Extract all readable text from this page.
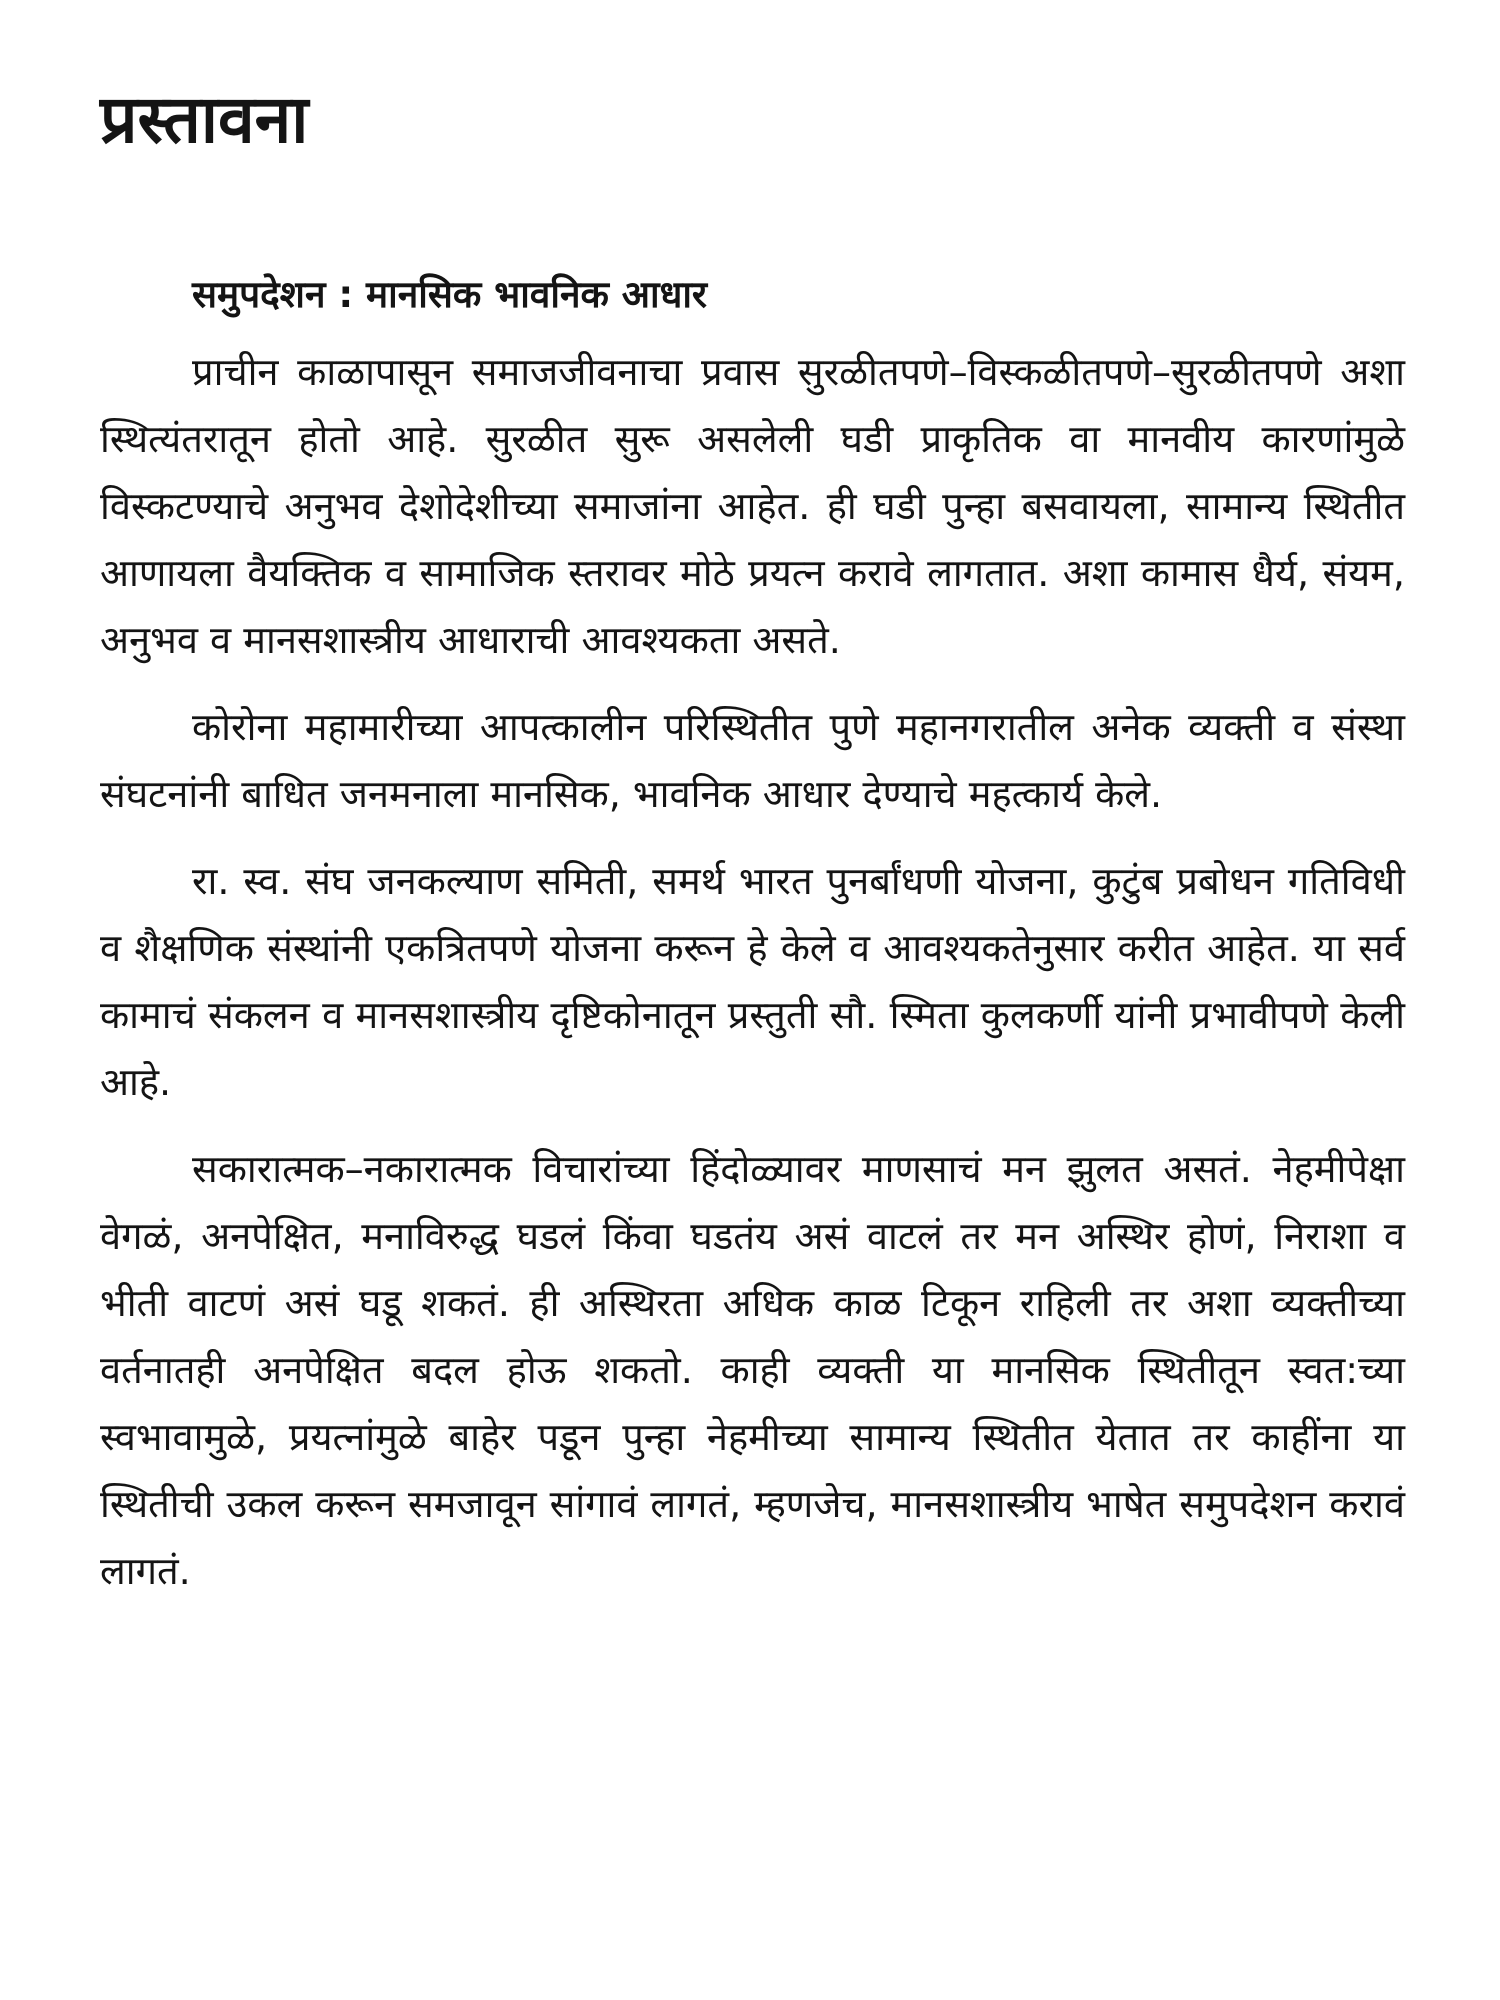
प्रस्तावना
समुपदेशन : मानसिक भावनिक आधार

प्राचीन काळापासून समाजजीवनाचा प्रवास सुरळीतपणे–विस्कळीतपणे–सुरळीतपणे अशा स्थित्यंतरातून होतो आहे. सुरळीत सुरू असलेली घडी प्राकृतिक वा मानवीय कारणांमुळे विस्कटण्याचे अनुभव देशोदेशीच्या समाजांना आहेत. ही घडी पुन्हा बसवायला, सामान्य स्थितीत आणायला वैयक्तिक व सामाजिक स्तरावर मोठे प्रयत्न करावे लागतात. अशा कामास धैर्य, संयम, अनुभव व मानसशास्त्रीय आधाराची आवश्यकता असते.

कोरोना महामारीच्या आपत्कालीन परिस्थितीत पुणे महानगरातील अनेक व्यक्ती व संस्था संघटनांनी बाधित जनमनाला मानसिक, भावनिक आधार देण्याचे महत्कार्य केले.

रा. स्व. संघ जनकल्याण समिती, समर्थ भारत पुनर्बांधणी योजना, कुटुंब प्रबोधन गतिविधी व शैक्षणिक संस्थांनी एकत्रितपणे योजना करून हे केले व आवश्यकतेनुसार करीत आहेत. या सर्व कामाचं संकलन व मानसशास्त्रीय दृष्टिकोनातून प्रस्तुती सौ. स्मिता कुलकर्णी यांनी प्रभावीपणे केली आहे.

सकारात्मक–नकारात्मक विचारांच्या हिंदोळ्यावर माणसाचं मन झुलत असतं. नेहमीपेक्षा वेगळं, अनपेक्षित, मनाविरुद्ध घडलं किंवा घडतंय असं वाटलं तर मन अस्थिर होणं, निराशा व भीती वाटणं असं घडू शकतं. ही अस्थिरता अधिक काळ टिकून राहिली तर अशा व्यक्तीच्या वर्तनातही अनपेक्षित बदल होऊ शकतो. काही व्यक्ती या मानसिक स्थितीतून स्वत:च्या स्वभावामुळे, प्रयत्नांमुळे बाहेर पडून पुन्हा नेहमीच्या सामान्य स्थितीत येतात तर काहींना या स्थितीची उकल करून समजावून सांगावं लागतं, म्हणजेच, मानसशास्त्रीय भाषेत समुपदेशन करावं लागतं.
